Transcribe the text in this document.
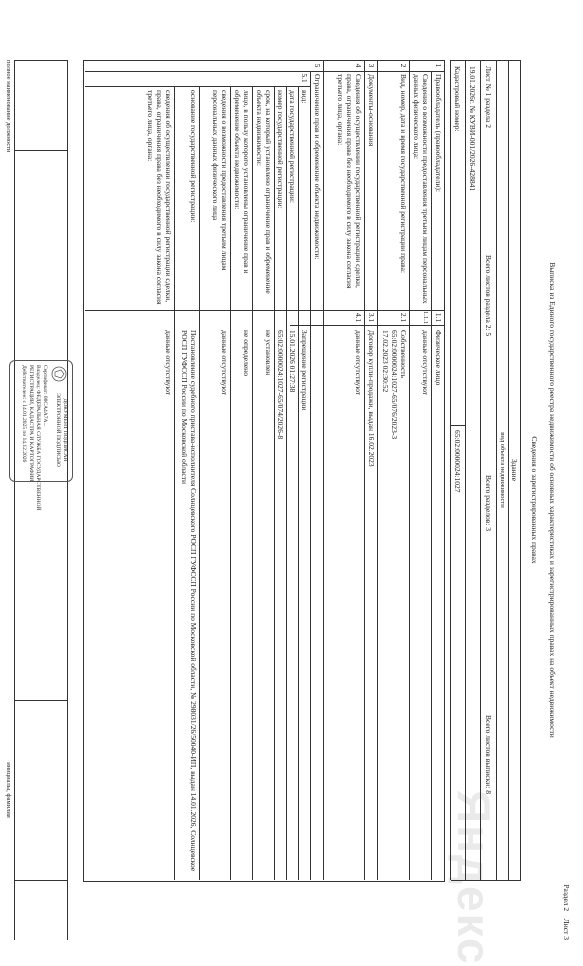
Яндекс	Раздел 2    Лист 3
Выписка из Единого государственного реестра недвижимости об основных характеристиках и зарегистрированных правах на объект недвижимости
Сведения о зарегистрированных правах
Здание
вид объекта недвижимости
Лист № 1 раздела 2
Всего листов раздела 2: 5
Всего разделов: 3
Всего листов выписки: 8
19.01.2026г. № КУВИ-001/2026-428841
Кадастровый номер:
65:02:0000024:1027
1
Правообладатель (правообладатели):
1.1
Физическое лицо
Сведения о возможности предоставления третьим лицам персональных данных физического лица:
1.1.1
данные отсутствуют
2
Вид, номер, дата и время государственной регистрации права:
2.1
Собственность
65:02:0000024:1027-65/076/2023-3
17.02.2023 02:30:52
3
Документы-основания
3.1
Договор купли-продажи, выдан 16.02.2023
4
Сведения об осуществлении государственной регистрации сделки, права, ограничения права без необходимого в силу закона согласия третьего лица, органа:
4.1
данные отсутствуют
5
Ограничение прав и обременение объекта недвижимости:
5.1
вид:
Запрещение регистрации
дата государственной регистрации:
15.01.2026 01:27:38
номер государственной регистрации:
65:02:0000024:1027-65/074/2026-8
срок, на который установлено ограничение прав и обременение объекта недвижимости:
не установлен
лицо, в пользу которого установлены ограничение прав и обременение объекта недвижимости:
не определено
сведения о возможности предоставления третьим лицам персональных данных физического лица
данные отсутствуют
основание государственной регистрации:
Постановление судебного пристава-исполнителя Солнцевского РОСП ГУФССП России по Московской области, № 298031/26/50040-ИП, выдан 14.01.2026, Солнцевское РОСП ГУФССП России по Московской области
сведения об осуществлении государственной регистрации сделки, права, ограничения права без необходимого в силу закона согласия третьего лица, органа:
данные отсутствуют
полное наименование должности
инициалы, фамилия
ДОКУМЕНТ ПОДПИСАН
ЭЛЕКТРОННОЙ ПОДПИСЬЮ
Сертификат: 00CA4A7A...
Владелец: ФЕДЕРАЛЬНАЯ СЛУЖБА ГОСУДАРСТВЕННОЙ
РЕГИСТРАЦИИ, КАДАСТРА И КАРТОГРАФИИ
Действителен: с 14.01.2025 по 14.12.2026
